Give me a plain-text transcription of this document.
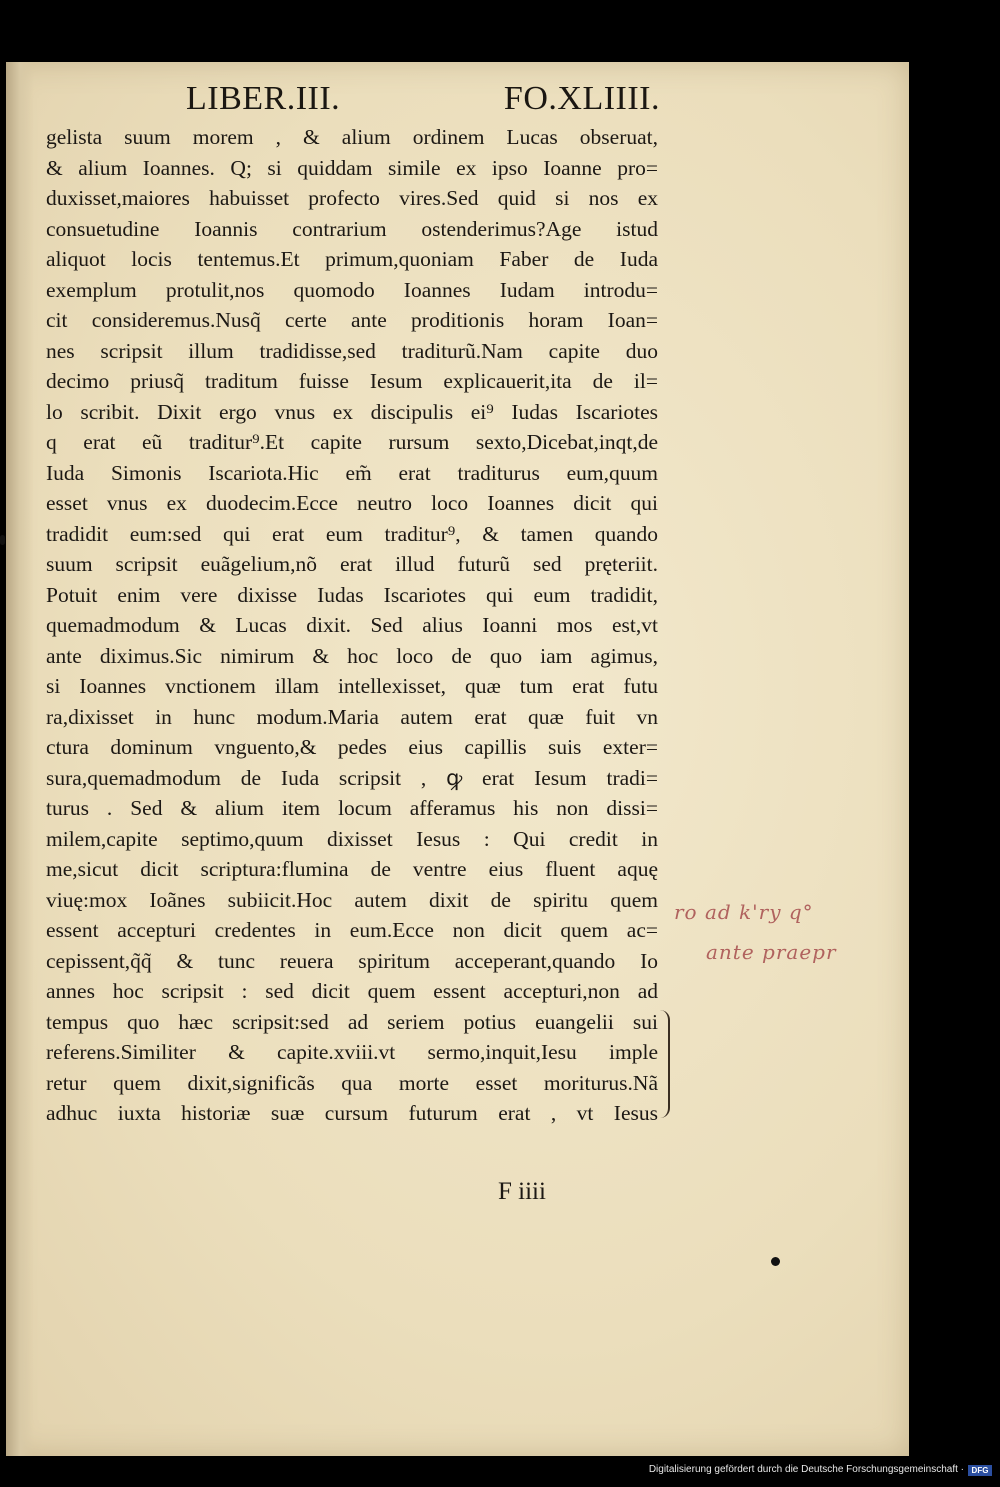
LIBER.III.	FO.XLIIII.
gelista suum morem , & alium ordinem Lucas obseruat,
& alium Ioannes. Q; si quiddam simile ex ipso Ioanne pro=
duxisset,maiores habuisset profecto vires.Sed quid si nos ex
consuetudine Ioannis contrarium ostenderimus?Age istud
aliquot locis tentemus.Et primum,quoniam Faber de Iuda
exemplum protulit,nos quomodo Ioannes Iudam introdu=
cit consideremus.Nusq̃ certe ante proditionis horam Ioan=
nes scripsit illum tradidisse,sed traditurũ.Nam capite duo
decimo priusq̃ traditum fuisse Iesum explicauerit,ita de il=
lo scribit. Dixit ergo vnus ex discipulis ei⁹ Iudas Iscariotes
q erat eũ traditur⁹.Et capite rursum sexto,Dicebat,inqt,de
Iuda Simonis Iscariota.Hic em̃ erat traditurus eum,quum
esset vnus ex duodecim.Ecce neutro loco Ioannes dicit qui
tradidit eum:sed qui erat eum traditur⁹, & tamen quando
suum scripsit euãgelium,nõ erat illud futurũ sed pręteriit.
Potuit enim vere dixisse Iudas Iscariotes qui eum tradidit,
quemadmodum & Lucas dixit. Sed alius Ioanni mos est,vt
ante diximus.Sic nimirum & hoc loco de quo iam agimus,
si Ioannes vnctionem illam intellexisset, quæ tum erat futu
ra,dixisset in hunc modum.Maria autem erat quæ fuit vn
ctura dominum vnguento,& pedes eius capillis suis exter=
sura,quemadmodum de Iuda scripsit , ꝙ erat Iesum tradi=
turus . Sed & alium item locum afferamus his non dissi=
milem,capite septimo,quum dixisset Iesus : Qui credit in
me,sicut dicit scriptura:flumina de ventre eius fluent aquę
viuę:mox Ioãnes subiicit.Hoc autem dixit de spiritu quem
essent accepturi credentes in eum.Ecce non dicit quem ac=
cepissent,q̃q̃ & tunc reuera spiritum acceperant,quando Io
annes hoc scripsit : sed dicit quem essent accepturi,non ad
tempus quo hæc scripsit:sed ad seriem potius euangelii sui
referens.Similiter & capite.xviii.vt sermo,inquit,Iesu imple
retur quem dixit,significãs qua morte esset moriturus.Nã
adhuc iuxta historiæ suæ cursum futurum erat , vt Iesus
F iiii
ro ad k'ry q°
ante praepr
Digitalisierung gefördert durch die Deutsche Forschungsgemeinschaft · DFG
